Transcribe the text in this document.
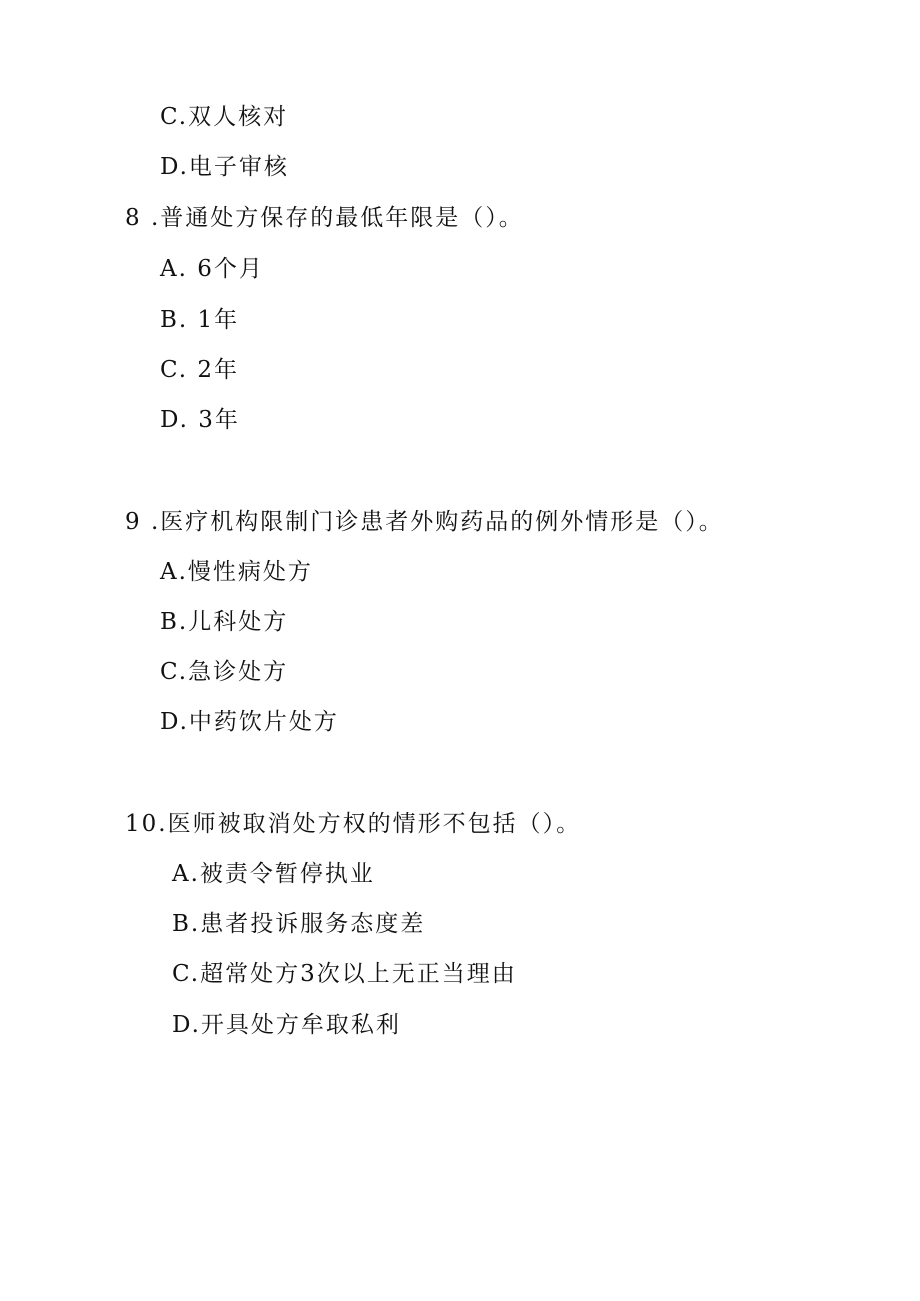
C.双人核对
D.电子审核
8 .普通处方保存的最低年限是（）。
A. 6个月
B. 1年
C. 2年
D. 3年
9 .医疗机构限制门诊患者外购药品的例外情形是（）。
A.慢性病处方
B.儿科处方
C.急诊处方
D.中药饮片处方
10.医师被取消处方权的情形不包括（）。
A.被责令暂停执业
B.患者投诉服务态度差
C.超常处方3次以上无正当理由
D.开具处方牟取私利
